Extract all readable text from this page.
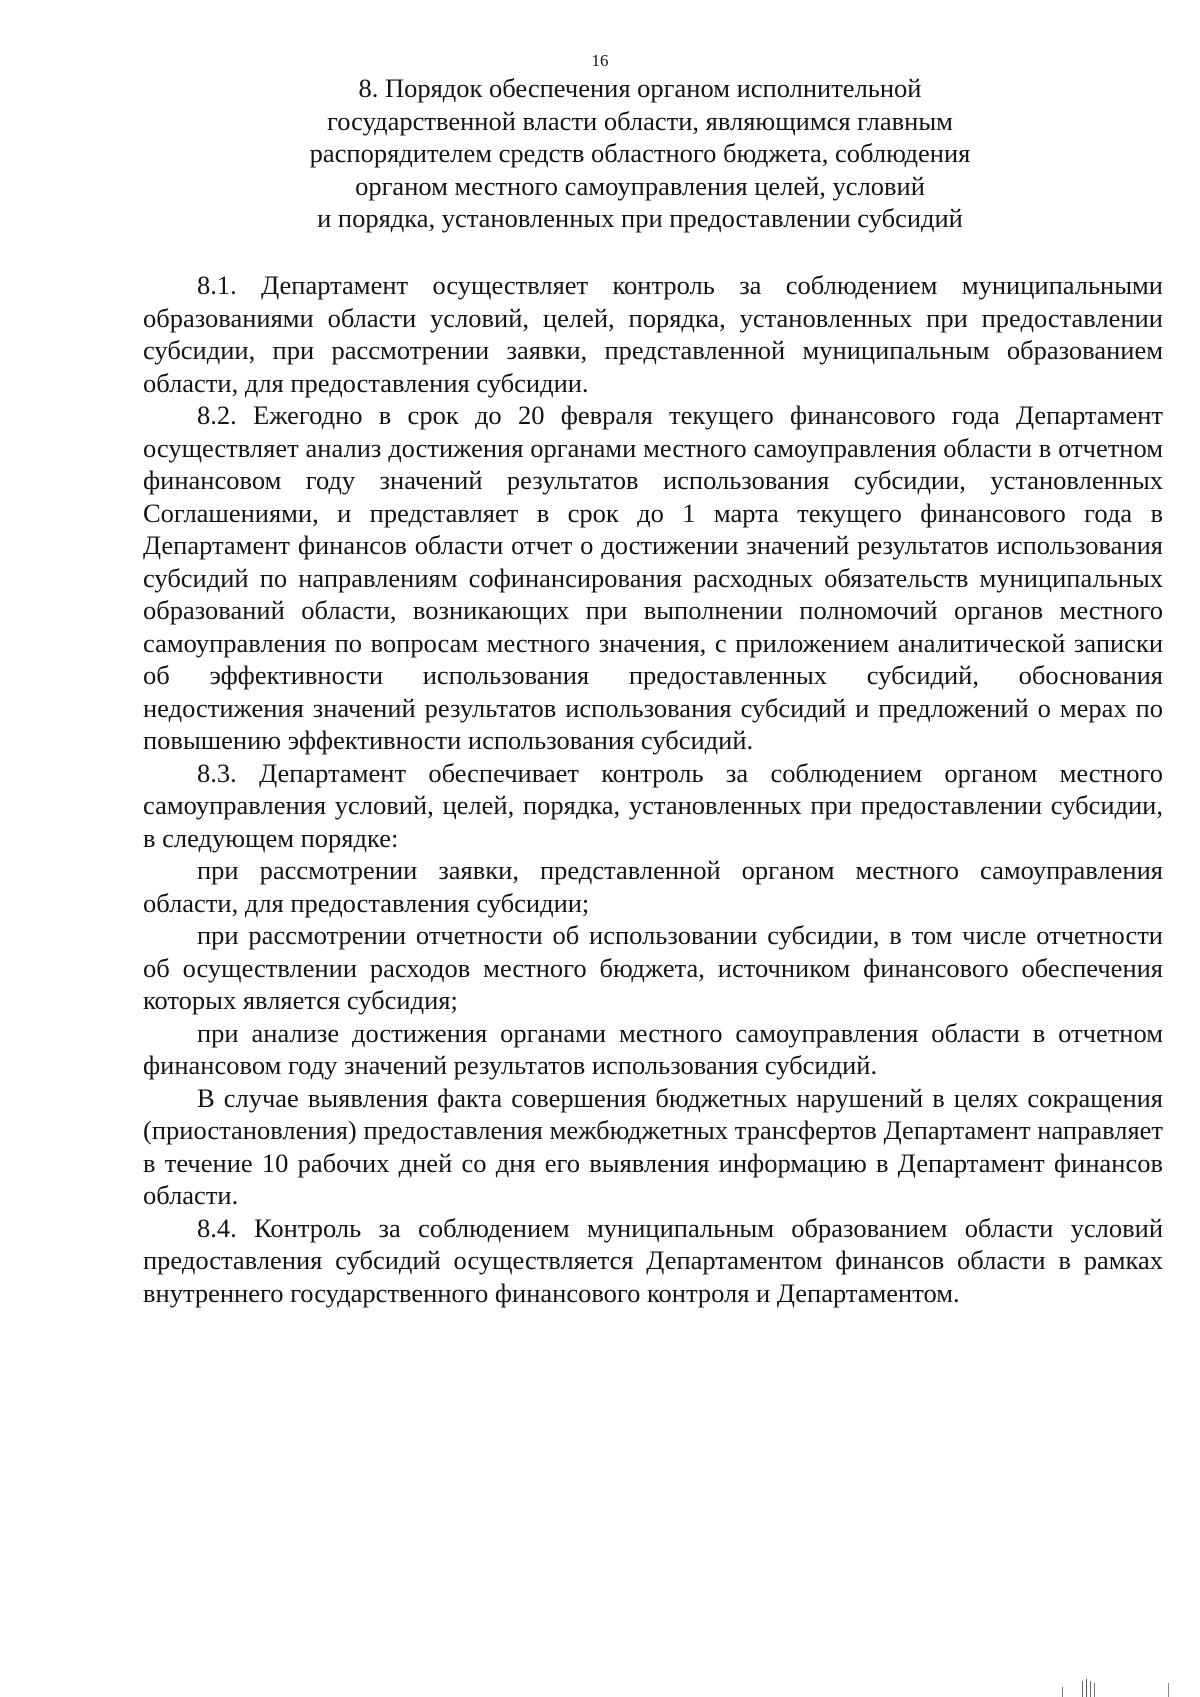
16
8. Порядок обеспечения органом исполнительной
государственной власти области, являющимся главным
распорядителем средств областного бюджета, соблюдения
органом местного самоуправления целей, условий
и порядка, установленных при предоставлении субсидий

8.1. Департамент осуществляет контроль за соблюдением муниципальными образованиями области условий, целей, порядка, установленных при предоставлении субсидии, при рассмотрении заявки, представленной муниципальным образованием области, для предоставления субсидии.

8.2. Ежегодно в срок до 20 февраля текущего финансового года Департамент осуществляет анализ достижения органами местного самоуправления области в отчетном финансовом году значений результатов использования субсидии, установленных Соглашениями, и представляет в срок до 1 марта текущего финансового года в Департамент финансов области отчет о достижении значений результатов использования субсидий по направлениям софинансирования расходных обязательств муниципальных образований области, возникающих при выполнении полномочий органов местного самоуправления по вопросам местного значения, с приложением аналитической записки об эффективности использования предоставленных субсидий, обоснования недостижения значений результатов использования субсидий и предложений о мерах по повышению эффективности использования субсидий.

8.3. Департамент обеспечивает контроль за соблюдением органом местного самоуправления условий, целей, порядка, установленных при предоставлении субсидии, в следующем порядке:

при рассмотрении заявки, представленной органом местного самоуправления области, для предоставления субсидии;

при рассмотрении отчетности об использовании субсидии, в том числе отчетности об осуществлении расходов местного бюджета, источником финансового обеспечения которых является субсидия;

при анализе достижения органами местного самоуправления области в отчетном финансовом году значений результатов использования субсидий.

В случае выявления факта совершения бюджетных нарушений в целях сокращения (приостановления) предоставления межбюджетных трансфертов Департамент направляет в течение 10 рабочих дней со дня его выявления информацию в Департамент финансов области.

8.4. Контроль за соблюдением муниципальным образованием области условий предоставления субсидий осуществляется Департаментом финансов области в рамках внутреннего государственного финансового контроля и Департаментом.
